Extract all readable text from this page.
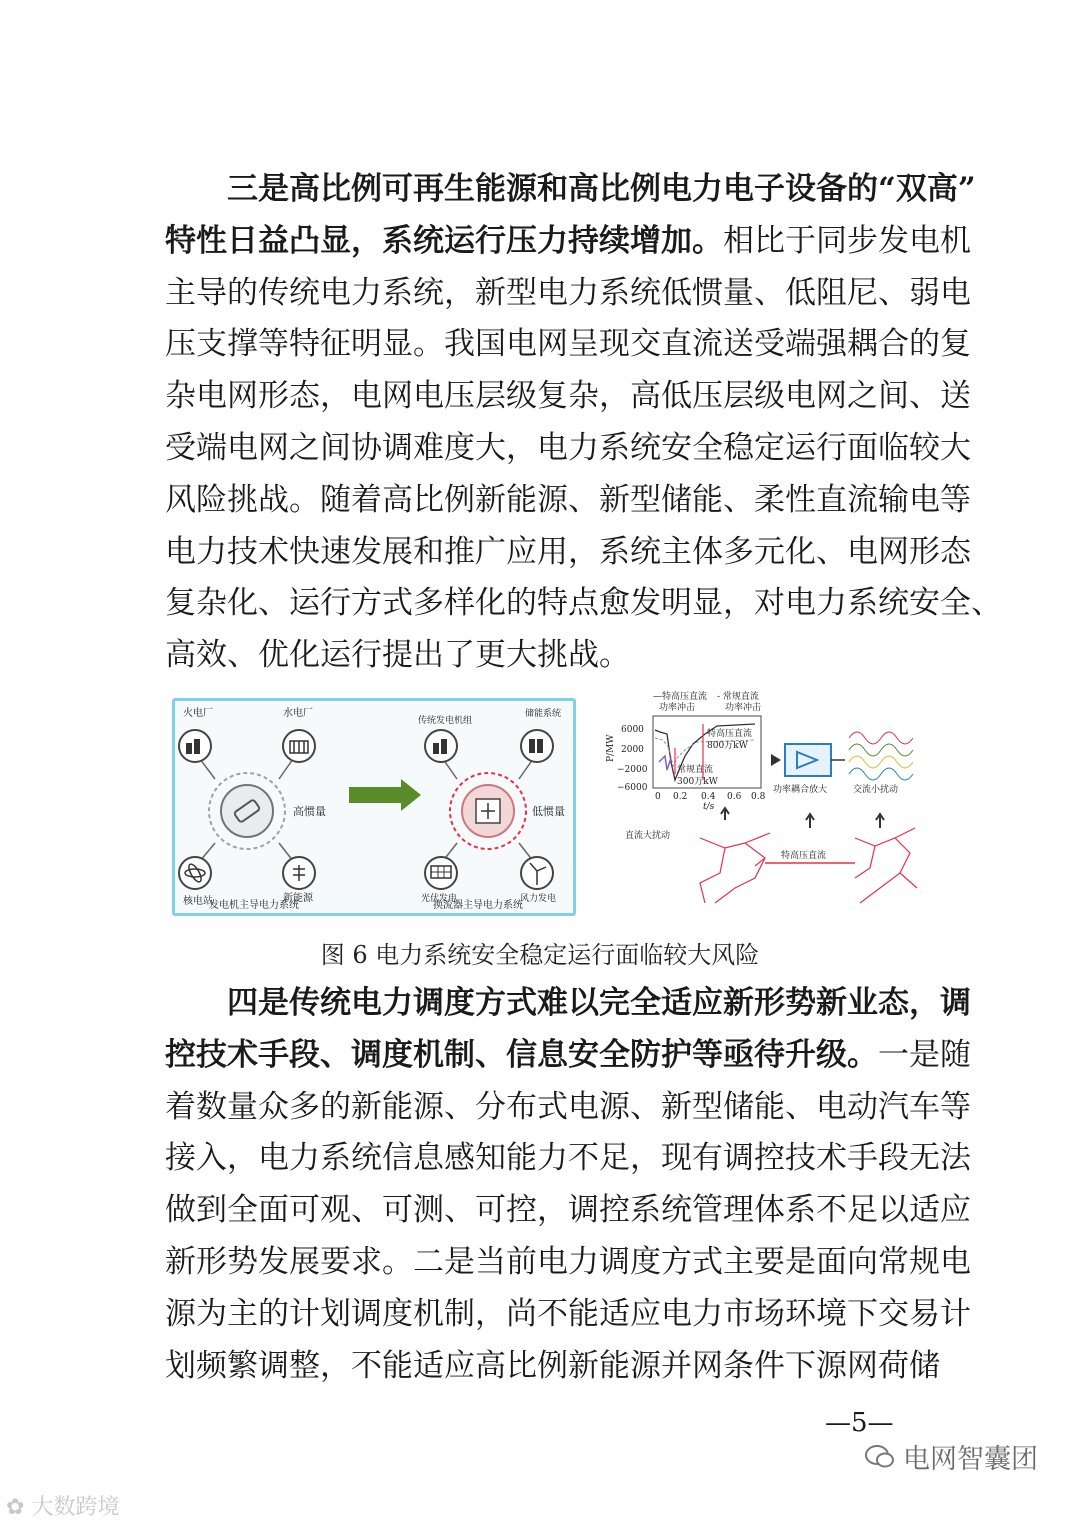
三是高比例可再生能源和高比例电力电子设备的“双高”
特性日益凸显，系统运行压力持续增加。相比于同步发电机
主导的传统电力系统，新型电力系统低惯量、低阻尼、弱电
压支撑等特征明显。我国电网呈现交直流送受端强耦合的复
杂电网形态，电网电压层级复杂，高低压层级电网之间、送
受端电网之间协调难度大，电力系统安全稳定运行面临较大
风险挑战。随着高比例新能源、新型储能、柔性直流输电等
电力技术快速发展和推广应用，系统主体多元化、电网形态
复杂化、运行方式多样化的特点愈发明显，对电力系统安全、
高效、优化运行提出了更大挑战。
火电厂	水电厂
核电站	新能源
高惯量
传统发电机组
储能系统
光伏发电	风力发电
低惯量
发电机主导电力系统	换流器主导电力系统
—特高压直流 - 常规直流
功率冲击	功率冲击
P/MW
6000
2000
−2000
−6000
0 0.2 0.4 0.6 0.8
t/s
特高压直流
800万kW
常规直流
300万kW
功率耦合放大	交流小扰动
直流大扰动
特高压直流
图 6 电力系统安全稳定运行面临较大风险
四是传统电力调度方式难以完全适应新形势新业态，调
控技术手段、调度机制、信息安全防护等亟待升级。一是随
着数量众多的新能源、分布式电源、新型储能、电动汽车等
接入，电力系统信息感知能力不足，现有调控技术手段无法
做到全面可观、可测、可控，调控系统管理体系不足以适应
新形势发展要求。二是当前电力调度方式主要是面向常规电
源为主的计划调度机制，尚不能适应电力市场环境下交易计
划频繁调整，不能适应高比例新能源并网条件下源网荷储
—5—
✿ 大数跨境
电网智囊团
